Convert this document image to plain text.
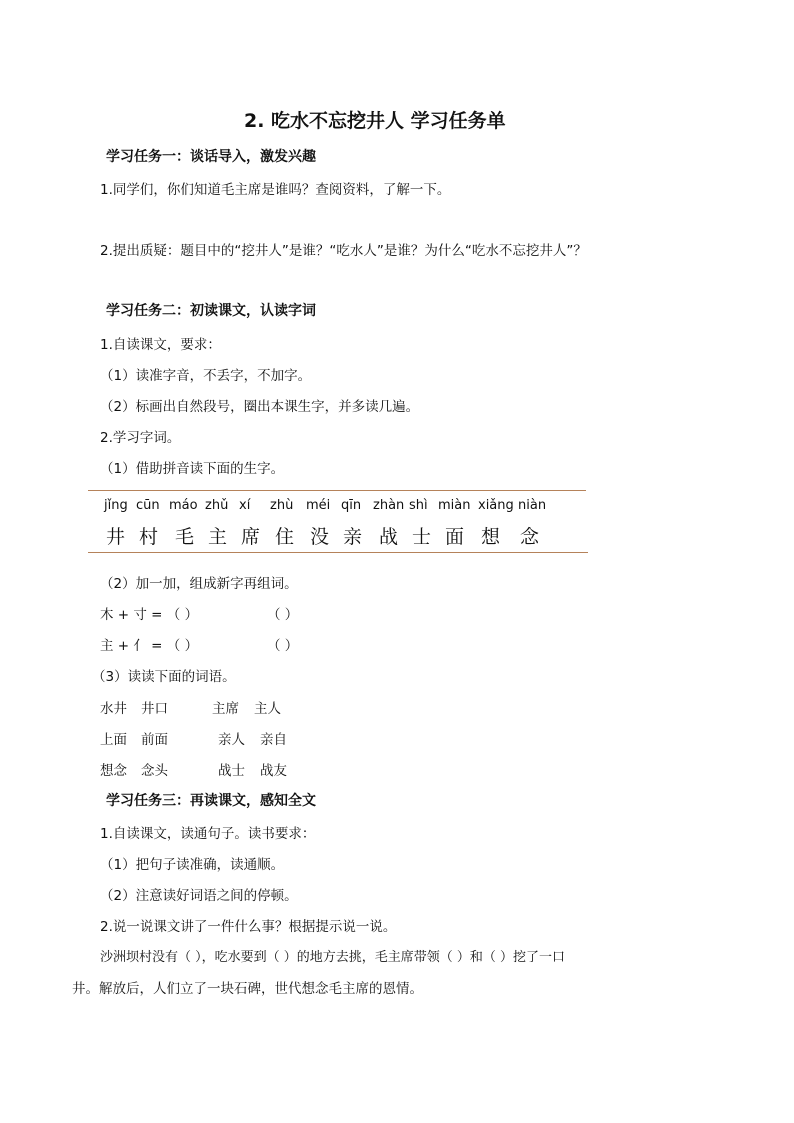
2. 吃水不忘挖井人 学习任务单
学习任务一：谈话导入，激发兴趣
1.同学们，你们知道毛主席是谁吗？查阅资料，了解一下。
2.提出质疑：题目中的“挖井人”是谁？“吃水人”是谁？为什么“吃水不忘挖井人”？
学习任务二：初读课文，认读字词
1.自读课文，要求：
（1）读准字音，不丢字，不加字。
（2）标画出自然段号，圈出本课生字，并多读几遍。
2.学习字词。
（1）借助拼音读下面的生字。
jǐng cūn máo zhǔ xí zhù méi qīn zhàn shì miàn xiǎng niàn
井 村 毛 主 席 住 没 亲 战 士 面 想 念
（2）加一加，组成新字再组词。
木 + 寸 = （ ）	（ ）
主 + 亻 = （ ）	（ ）
（3）读读下面的词语。
水井 井口	主席 主人
上面 前面	亲人 亲自
想念 念头	战士 战友
学习任务三：再读课文，感知全文
1.自读课文，读通句子。读书要求：
（1）把句子读准确，读通顺。
（2）注意读好词语之间的停顿。
2.说一说课文讲了一件什么事？根据提示说一说。
沙洲坝村没有（ ），吃水要到（ ）的地方去挑，毛主席带领（ ）和（ ）挖了一口
井。解放后，人们立了一块石碑，世代想念毛主席的恩情。
